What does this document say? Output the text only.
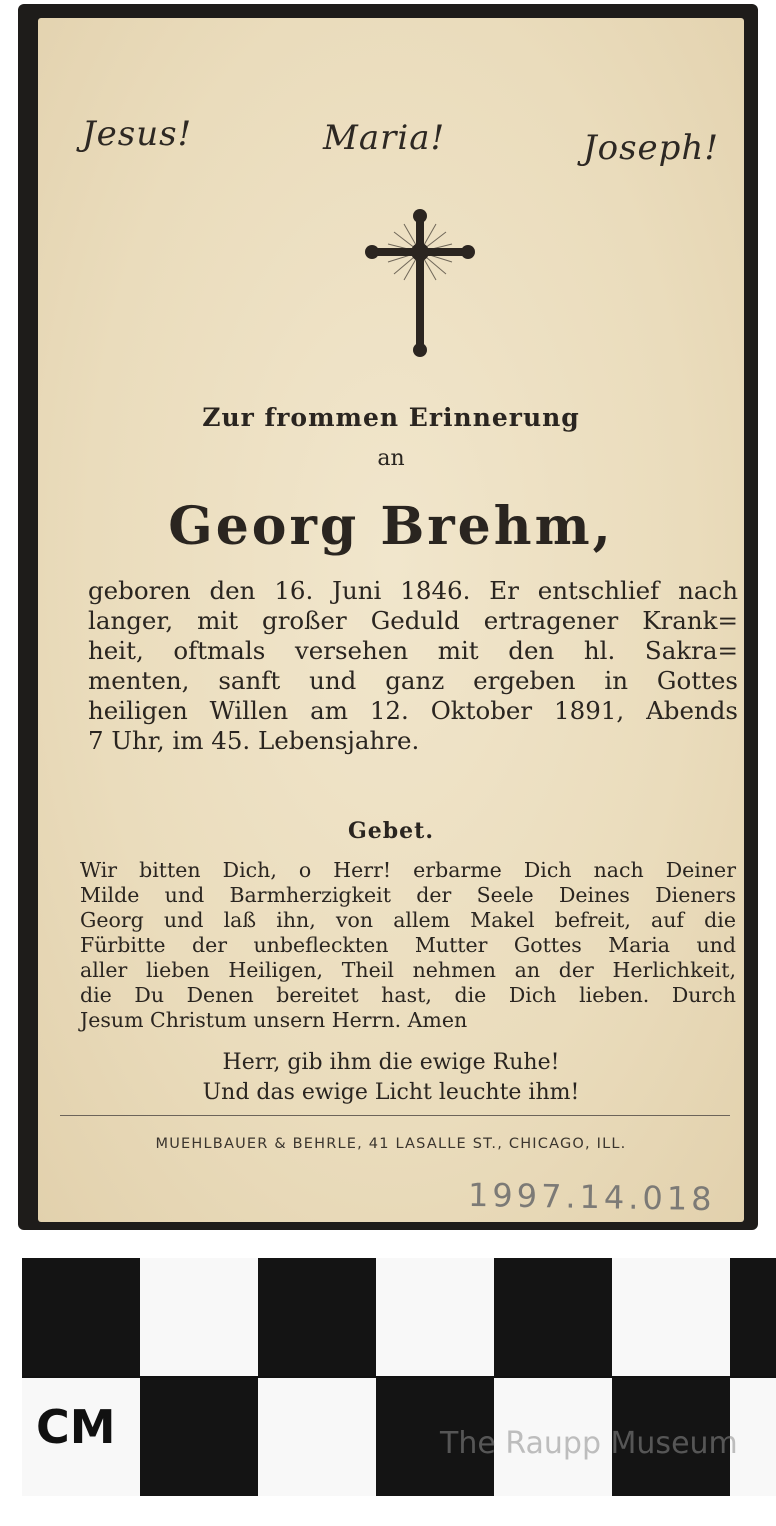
Jesus!	Maria!	Joseph!
Zur frommen Erinnerung
an
Georg Brehm,
geboren den 16. Juni 1846. Er entschlief nach
langer, mit großer Geduld ertragener Krank=
heit, oftmals versehen mit den hl. Sakra=
menten, sanft und ganz ergeben in Gottes
heiligen Willen am 12. Oktober 1891, Abends
7 Uhr, im 45. Lebensjahre.
Gebet.
Wir bitten Dich, o Herr! erbarme Dich nach Deiner
Milde und Barmherzigkeit der Seele Deines Dieners
Georg und laß ihn, von allem Makel befreit, auf die
Fürbitte der unbefleckten Mutter Gottes Maria und
aller lieben Heiligen, Theil nehmen an der Herlichkeit,
die Du Denen bereitet hast, die Dich lieben. Durch
Jesum Christum unsern Herrn. Amen
Herr, gib ihm die ewige Ruhe!
Und das ewige Licht leuchte ihm!
MUEHLBAUER & BEHRLE, 41 LASALLE ST., CHICAGO, ILL.
1997.14.018
CM	The Raupp Museum
